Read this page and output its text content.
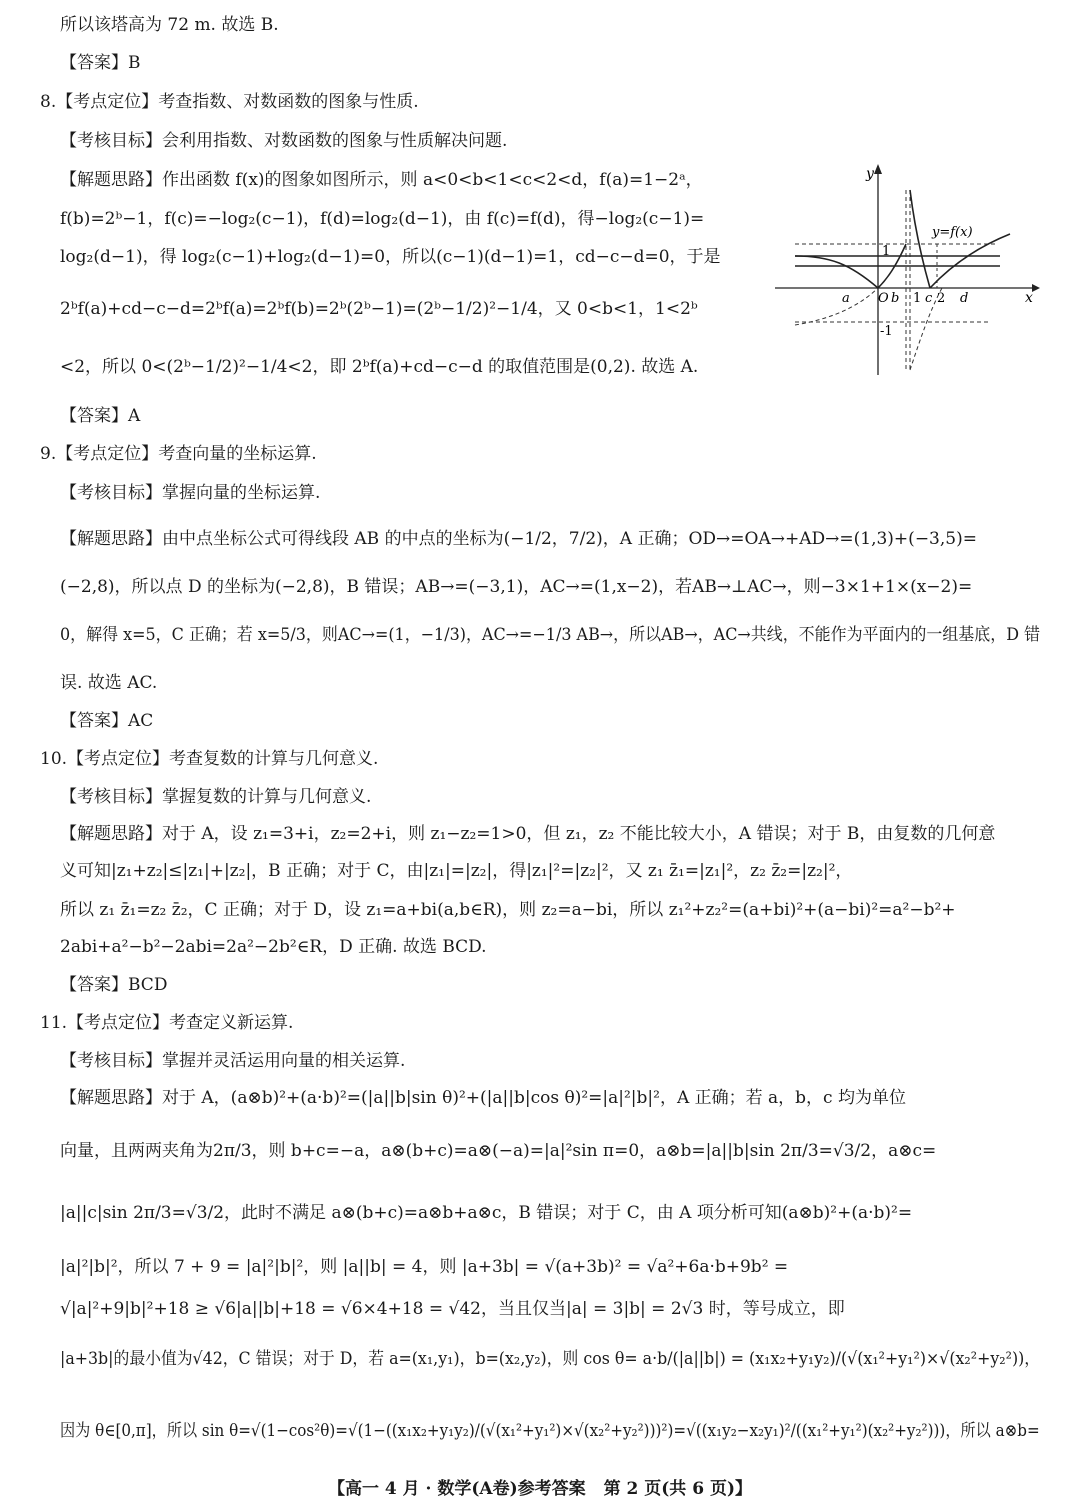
所以该塔高为 72 m. 故选 B.
【答案】B
8.【考点定位】考查指数、对数函数的图象与性质.
【考核目标】会利用指数、对数函数的图象与性质解决问题.
【解题思路】作出函数 f(x)的图象如图所示，则 a<0<b<1<c<2<d，f(a)=1−2ᵃ，
f(b)=2ᵇ−1，f(c)=−log₂(c−1)，f(d)=log₂(d−1)，由 f(c)=f(d)，得−log₂(c−1)=
log₂(d−1)，得 log₂(c−1)+log₂(d−1)=0，所以(c−1)(d−1)=1，cd−c−d=0，于是
2ᵇf(a)+cd−c−d=2ᵇf(a)=2ᵇf(b)=2ᵇ(2ᵇ−1)=(2ᵇ−1/2)²−1/4，又 0<b<1，1<2ᵇ
<2，所以 0<(2ᵇ−1/2)²−1/4<2，即 2ᵇf(a)+cd−c−d 的取值范围是(0,2). 故选 A.
【答案】A
9.【考点定位】考查向量的坐标运算.
【考核目标】掌握向量的坐标运算.
【解题思路】由中点坐标公式可得线段 AB 的中点的坐标为(−1/2，7/2)，A 正确；OD→=OA→+AD→=(1,3)+(−3,5)=
(−2,8)，所以点 D 的坐标为(−2,8)，B 错误；AB→=(−3,1)，AC→=(1,x−2)，若AB→⊥AC→，则−3×1+1×(x−2)=
0，解得 x=5，C 正确；若 x=5/3，则AC→=(1，−1/3)，AC→=−1/3 AB→，所以AB→，AC→共线，不能作为平面内的一组基底，D 错
误. 故选 AC.
【答案】AC
10.【考点定位】考查复数的计算与几何意义.
【考核目标】掌握复数的计算与几何意义.
【解题思路】对于 A，设 z₁=3+i，z₂=2+i，则 z₁−z₂=1>0，但 z₁，z₂ 不能比较大小，A 错误；对于 B，由复数的几何意
义可知|z₁+z₂|≤|z₁|+|z₂|，B 正确；对于 C，由|z₁|=|z₂|，得|z₁|²=|z₂|²，又 z₁ z̄₁=|z₁|²，z₂ z̄₂=|z₂|²，
所以 z₁ z̄₁=z₂ z̄₂，C 正确；对于 D，设 z₁=a+bi(a,b∈R)，则 z₂=a−bi，所以 z₁²+z₂²=(a+bi)²+(a−bi)²=a²−b²+
2abi+a²−b²−2abi=2a²−2b²∈R，D 正确. 故选 BCD.
【答案】BCD
11.【考点定位】考查定义新运算.
【考核目标】掌握并灵活运用向量的相关运算.
【解题思路】对于 A，(a⊗b)²+(a·b)²=(|a||b|sin θ)²+(|a||b|cos θ)²=|a|²|b|²，A 正确；若 a，b，c 均为单位
向量，且两两夹角为2π/3，则 b+c=−a，a⊗(b+c)=a⊗(−a)=|a|²sin π=0，a⊗b=|a||b|sin 2π/3=√3/2，a⊗c=
|a||c|sin 2π/3=√3/2，此时不满足 a⊗(b+c)=a⊗b+a⊗c，B 错误；对于 C，由 A 项分析可知(a⊗b)²+(a·b)²=
|a|²|b|²，所以 7 + 9 = |a|²|b|²，则 |a||b| = 4，则 |a+3b| = √(a+3b)² = √a²+6a·b+9b² =
√|a|²+9|b|²+18 ≥ √6|a||b|+18 = √6×4+18 = √42，当且仅当|a| = 3|b| = 2√3 时，等号成立，即
|a+3b|的最小值为√42，C 错误；对于 D，若 a=(x₁,y₁)，b=(x₂,y₂)，则 cos θ= a·b/(|a||b|) = (x₁x₂+y₁y₂)/(√(x₁²+y₁²)×√(x₂²+y₂²))，
因为 θ∈[0,π]，所以 sin θ=√(1−cos²θ)=√(1−((x₁x₂+y₁y₂)/(√(x₁²+y₁²)×√(x₂²+y₂²)))²)=√((x₁y₂−x₂y₁)²/((x₁²+y₁²)(x₂²+y₂²)))，所以 a⊗b=
y
x
O b 1 c 2
a	d
1
-1
y=f(x)
【高一 4 月 · 数学(A卷)参考答案 第 2 页(共 6 页)】
